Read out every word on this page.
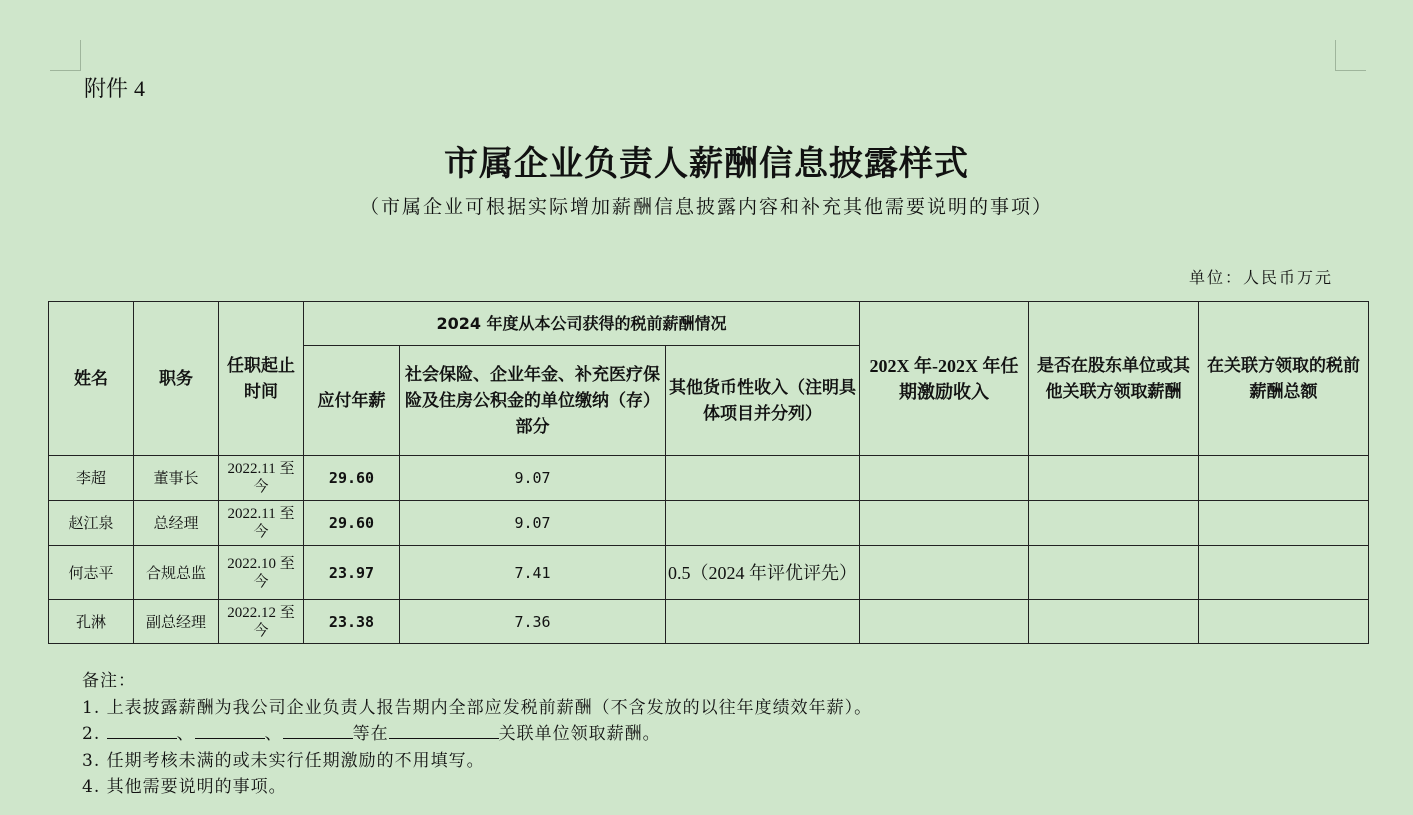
附件 4
市属企业负责人薪酬信息披露样式
（市属企业可根据实际增加薪酬信息披露内容和补充其他需要说明的事项）
单位：人民币万元
姓名	职务	任职起止时间	2024 年度从本公司获得的税前薪酬情况			202X 年-202X 年任期激励收入	是否在股东单位或其他关联方领取薪酬	在关联方领取的税前薪酬总额
			应付年薪	社会保险、企业年金、补充医疗保险及住房公积金的单位缴纳（存）部分	其他货币性收入（注明具体项目并分列）			
李超	董事长	2022.11 至今	29.60	9.07				
赵江泉	总经理	2022.11 至今	29.60	9.07				
何志平	合规总监	2022.10 至今	23.97	7.41	0.5（2024 年评优评先）			
孔淋	副总经理	2022.12 至今	23.38	7.36				
备注：
1. 上表披露薪酬为我公司企业负责人报告期内全部应发税前薪酬（不含发放的以往年度绩效年薪）。
2.	、	、	等在	关联单位领取薪酬。
3. 任期考核未满的或未实行任期激励的不用填写。
4. 其他需要说明的事项。
